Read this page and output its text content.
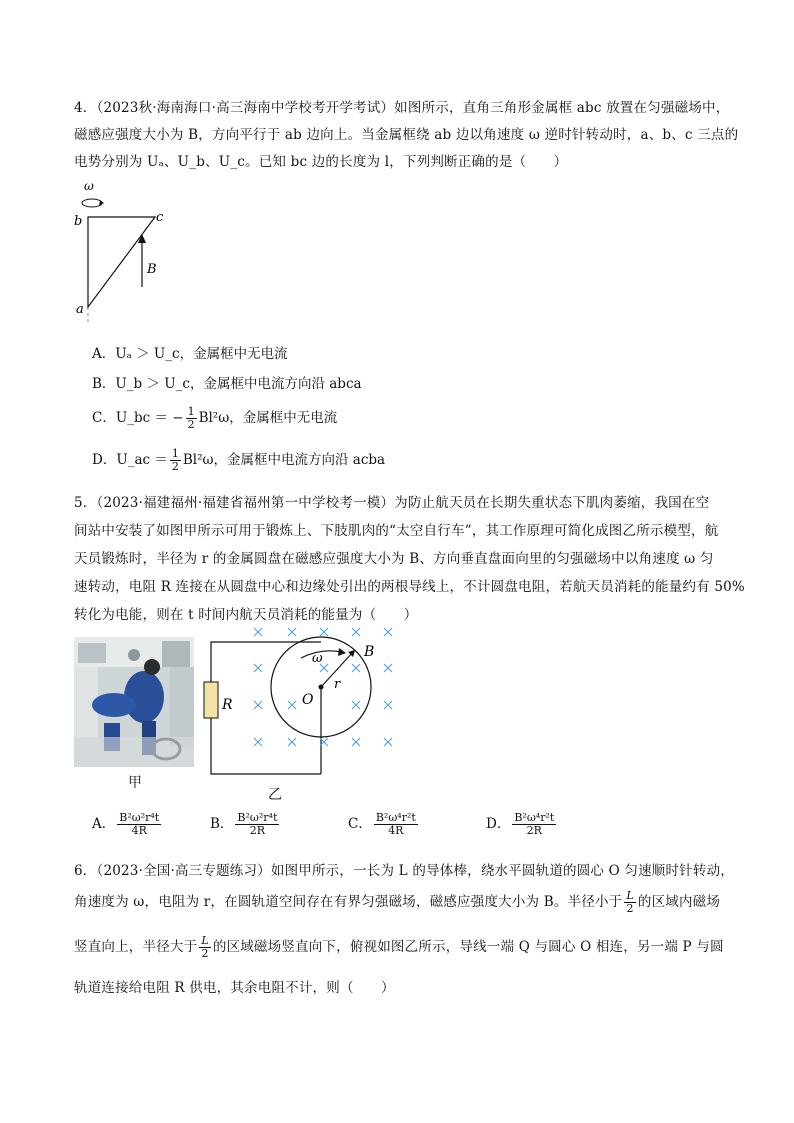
4．（2023秋·海南海口·高三海南中学校考开学考试）如图所示，直角三角形金属框 abc 放置在匀强磁场中，
磁感应强度大小为 B，方向平行于 ab 边向上。当金属框绕 ab 边以角速度 ω 逆时针转动时，a、b、c 三点的
电势分别为 Uₐ、U_b、U_c。已知 bc 边的长度为 l，下列判断正确的是（　　）
ω
b	c
a
B
A．Uₐ ＞ U_c，金属框中无电流
B．U_b ＞ U_c，金属框中电流方向沿 abca
C．U_bc ＝ − $\frac{1}{2} Bl^2\omega$，金属框中无电流
D．U_ac ＝ $\frac{1}{2} Bl^2\omega$，金属框中电流方向沿 acba
5．（2023·福建福州·福建省福州第一中学校考一模）为防止航天员在长期失重状态下肌肉萎缩，我国在空
间站中安装了如图甲所示可用于锻炼上、下肢肌肉的“太空自行车”，其工作原理可简化成图乙所示模型，航
天员锻炼时，半径为 r 的金属圆盘在磁感应强度大小为 B、方向垂直盘面向里的匀强磁场中以角速度 ω 匀
速转动，电阻 R 连接在从圆盘中心和边缘处引出的两根导线上，不计圆盘电阻，若航天员消耗的能量约有 50%
转化为电能，则在 t 时间内航天员消耗的能量为（　　）
甲
R
ω	B
r
O
乙
A． $\frac{\text{B²ω²r⁴t}}{4R}$	B． $\frac{\text{B²ω²r⁴t}}{2R}$	C． $\frac{\text{B²ω⁴r²t}}{4R}$	D． $\frac{\text{B²ω⁴r²t}}{2R}$
6．（2023·全国·高三专题练习）如图甲所示，一长为 L 的导体棒，绕水平圆轨道的圆心 O 匀速顺时针转动，
角速度为 ω，电阻为 r，在圆轨道空间存在有界匀强磁场，磁感应强度大小为 B。半径小于 $\frac{L}{2}$ 的区域内磁场
竖直向上，半径大于 $\frac{L}{2}$ 的区域磁场竖直向下，俯视如图乙所示，导线一端 Q 与圆心 O 相连，另一端 P 与圆
轨道连接给电阻 R 供电，其余电阻不计，则（　　）
